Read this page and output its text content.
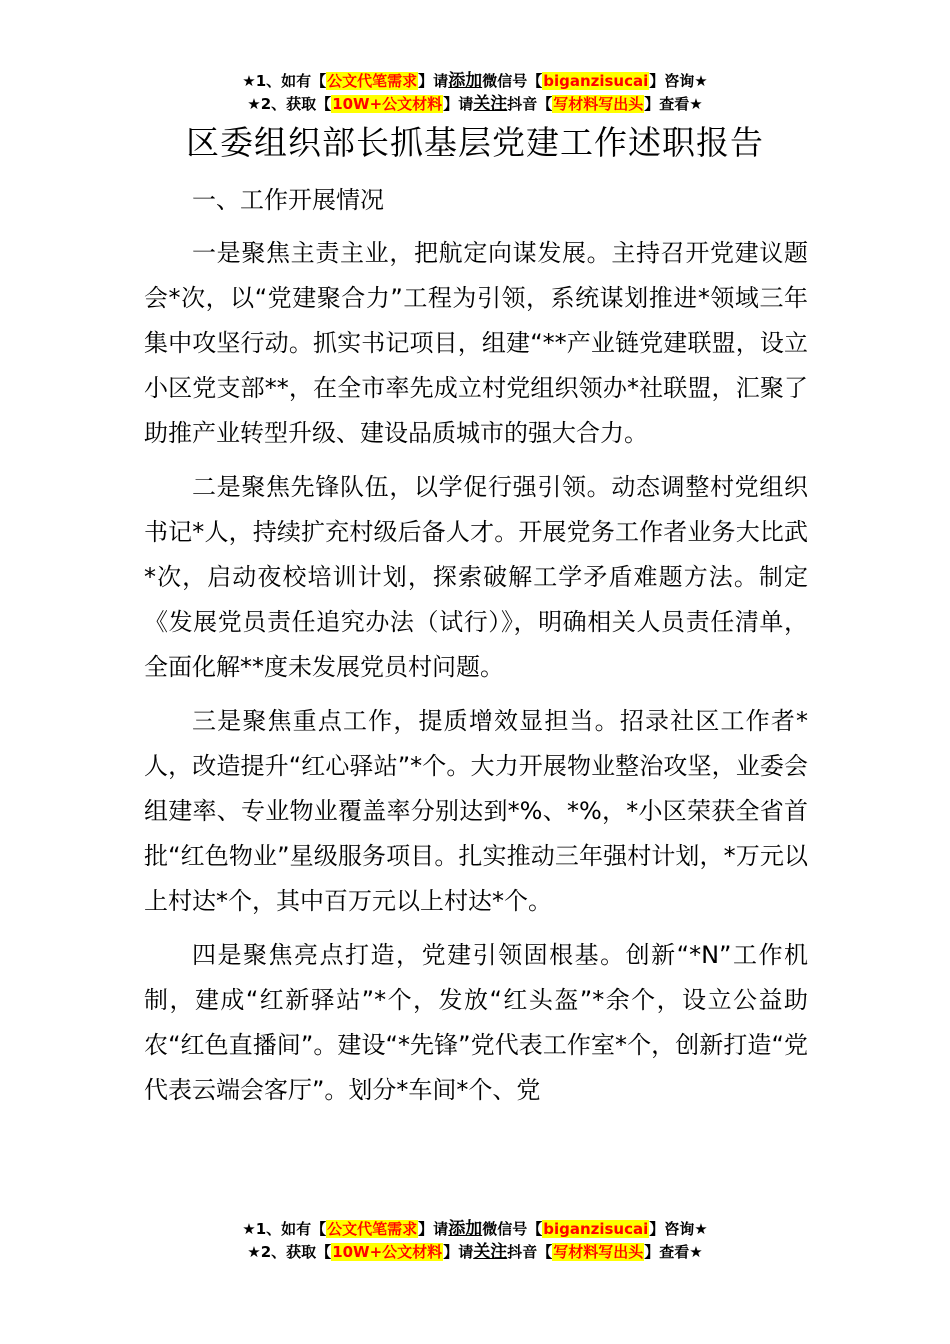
★1、如有【公文代笔需求】请添加微信号【biganzisucai】咨询★
★2、获取【10W+公文材料】请关注抖音【写材料写出头】查看★
区委组织部长抓基层党建工作述职报告

一、工作开展情况

一是聚焦主责主业，把航定向谋发展。主持召开党建议题会*次，以“党建聚合力”工程为引领，系统谋划推进*领域三年集中攻坚行动。抓实书记项目，组建“**产业链党建联盟，设立小区党支部**，在全市率先成立村党组织领办*社联盟，汇聚了助推产业转型升级、建设品质城市的强大合力。

二是聚焦先锋队伍，以学促行强引领。动态调整村党组织书记*人，持续扩充村级后备人才。开展党务工作者业务大比武*次，启动夜校培训计划，探索破解工学矛盾难题方法。制定《发展党员责任追究办法（试行）》，明确相关人员责任清单，全面化解**度未发展党员村问题。

三是聚焦重点工作，提质增效显担当。招录社区工作者*人，改造提升“红心驿站”*个。大力开展物业整治攻坚，业委会组建率、专业物业覆盖率分别达到*%、*%，*小区荣获全省首批“红色物业”星级服务项目。扎实推动三年强村计划，*万元以上村达*个，其中百万元以上村达*个。

四是聚焦亮点打造，党建引领固根基。创新“*N”工作机制，建成“红新驿站”*个，发放“红头盔”*余个，设立公益助农“红色直播间”。建设“*先锋”党代表工作室*个，创新打造“党代表云端会客厅”。划分*车间*个、党

★1、如有【公文代笔需求】请添加微信号【biganzisucai】咨询★
★2、获取【10W+公文材料】请关注抖音【写材料写出头】查看★
